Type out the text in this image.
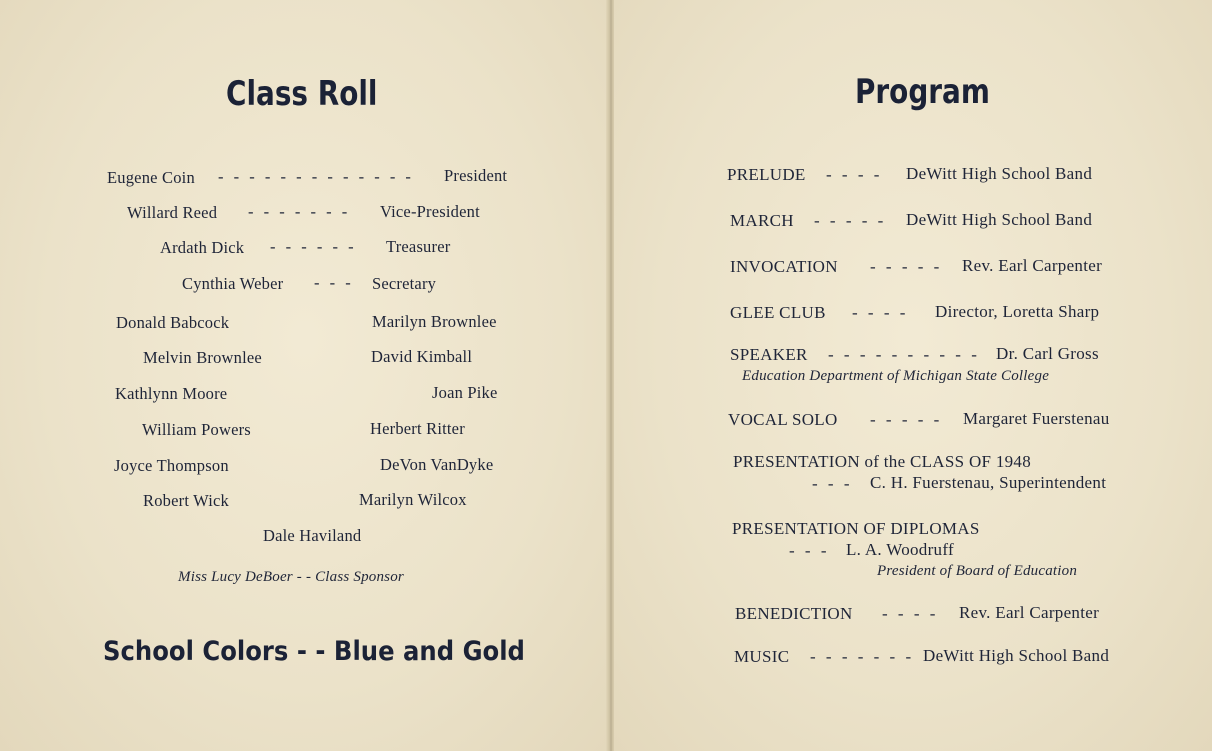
Class Roll
Eugene Coin - - - - - - - - - - - - - President
Willard Reed - - - - - - - Vice-President
Ardath Dick - - - - - - Treasurer
Cynthia Weber - - - Secretary
Donald Babcock	Marilyn Brownlee
Melvin Brownlee	David Kimball
Kathlynn Moore	Joan Pike
William Powers	Herbert Ritter
Joyce Thompson	DeVon VanDyke
Robert Wick	Marilyn Wilcox
Dale Haviland
Miss Lucy DeBoer - - Class Sponsor
School Colors - - Blue and Gold
Program
PRELUDE - - - - DeWitt High School Band
MARCH - - - - - DeWitt High School Band
INVOCATION - - - - - Rev. Earl Carpenter
GLEE CLUB - - - - Director, Loretta Sharp
SPEAKER - - - - - - - - - - Dr. Carl Gross
Education Department of Michigan State College
VOCAL SOLO - - - - - Margaret Fuerstenau
PRESENTATION of the CLASS OF 1948
- - - C. H. Fuerstenau, Superintendent
PRESENTATION OF DIPLOMAS
- - - L. A. Woodruff
President of Board of Education
BENEDICTION - - - - Rev. Earl Carpenter
MUSIC - - - - - - - DeWitt High School Band
